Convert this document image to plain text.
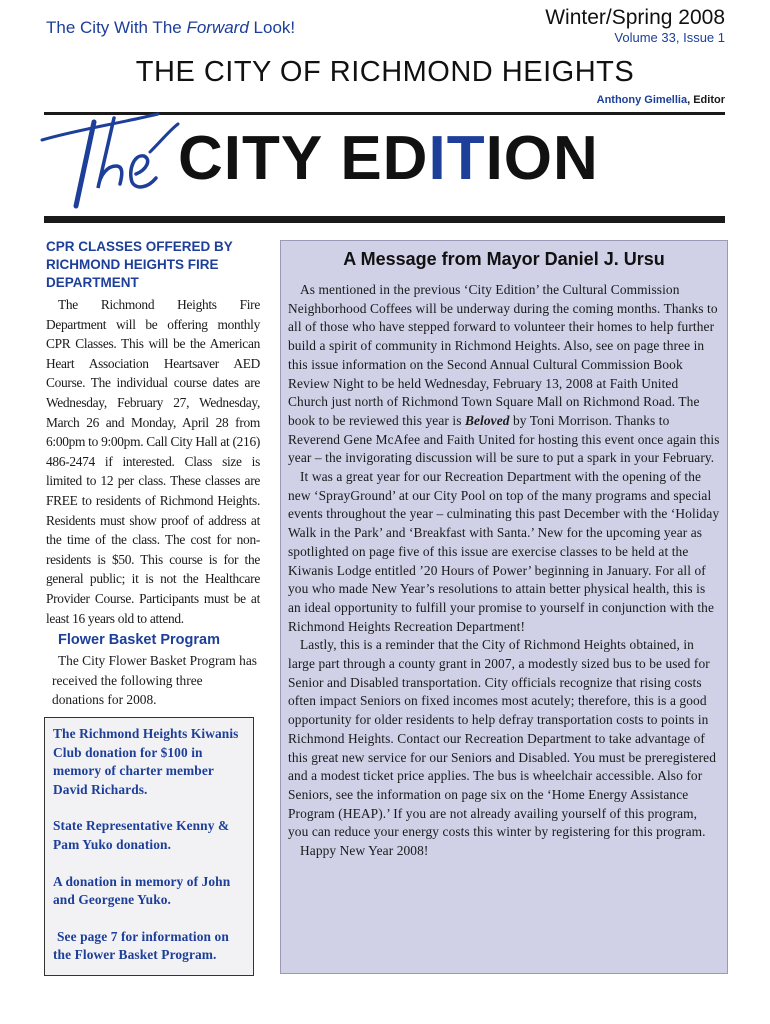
The City With The Forward Look!	Winter/Spring 2008
Volume 33, Issue 1
THE CITY OF RICHMOND HEIGHTS
Anthony Gimellia, Editor
CITY EDITION
CPR CLASSES OFFERED BY RICHMOND HEIGHTS FIRE DEPARTMENT

The Richmond Heights Fire Department will be offering monthly CPR Classes. This will be the American Heart Association Heartsaver AED Course. The individual course dates are Wednesday, February 27, Wednesday, March 26 and Monday, April 28 from 6:00pm to 9:00pm. Call City Hall at (216) 486-2474 if interested. Class size is limited to 12 per class. These classes are FREE to residents of Richmond Heights. Residents must show proof of address at the time of the class. The cost for non- residents is $50. This course is for the general public; it is not the Healthcare Provider Course. Participants must be at least 16 years old to attend.

Flower Basket Program

The City Flower Basket Program has received the following three donations for 2008.

The Richmond Heights Kiwanis Club donation for $100 in memory of charter member David Richards.

State Representative Kenny & Pam Yuko donation.

A donation in memory of John and Georgene Yuko.

See page 7 for information on the Flower Basket Program.

A Message from Mayor Daniel J. Ursu

As mentioned in the previous ‘City Edition’ the Cultural Commission Neighborhood Coffees will be underway during the coming months. Thanks to all of those who have stepped forward to volunteer their homes to help further build a spirit of community in Richmond Heights. Also, see on page three in this issue information on the Second Annual Cultural Commission Book Review Night to be held Wednesday, February 13, 2008 at Faith United Church just north of Richmond Town Square Mall on Richmond Road. The book to be reviewed this year is Beloved by Toni Morrison. Thanks to Reverend Gene McAfee and Faith United for hosting this event once again this year – the invigorating discussion will be sure to put a spark in your February.

It was a great year for our Recreation Department with the opening of the new ‘SprayGround’ at our City Pool on top of the many programs and special events throughout the year – culminating this past December with the ‘Holiday Walk in the Park’ and ‘Breakfast with Santa.’ New for the upcoming year as spotlighted on page five of this issue are exercise classes to be held at the Kiwanis Lodge entitled ’20 Hours of Power’ beginning in January. For all of you who made New Year’s resolutions to attain better physical health, this is an ideal opportunity to fulfill your promise to yourself in conjunction with the Richmond Heights Recreation Department!

Lastly, this is a reminder that the City of Richmond Heights obtained, in large part through a county grant in 2007, a modestly sized bus to be used for Senior and Disabled transportation. City officials recognize that rising costs often impact Seniors on fixed incomes most acutely; therefore, this is a good opportunity for older residents to help defray transportation costs to points in Richmond Heights. Contact our Recreation Department to take advantage of this great new service for our Seniors and Disabled. You must be preregistered and a modest ticket price applies. The bus is wheelchair accessible. Also for Seniors, see the information on page six on the ‘Home Energy Assistance Program (HEAP).’ If you are not already availing yourself of this program, you can reduce your energy costs this winter by registering for this program.

Happy New Year 2008!
